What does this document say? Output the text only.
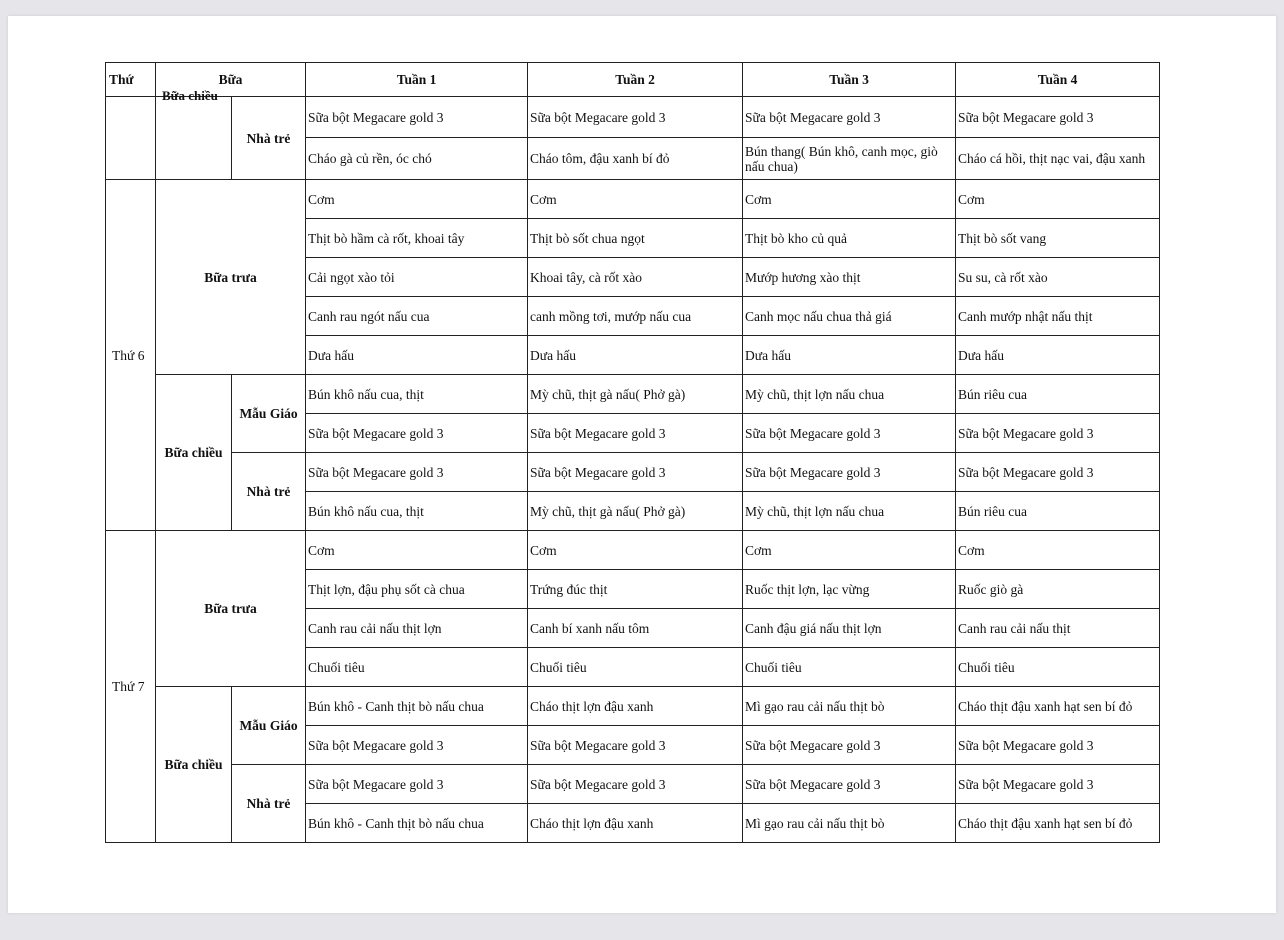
Thứ	Bữa		Tuần 1	Tuần 2	Tuần 3	Tuần 4

	Bữa chiều	Nhà trẻ	Sữa bột Megacare gold 3	Sữa bột Megacare gold 3	Sữa bột Megacare gold 3	Sữa bột Megacare gold 3
			Cháo gà củ rền, óc chó	Cháo tôm, đậu xanh bí đỏ	Bún thang( Bún khô, canh mọc, giò nấu chua)	Cháo cá hồi, thịt nạc vai, đậu xanh
Thứ 6	Bữa trưa		Cơm	Cơm	Cơm	Cơm
			Thịt bò hầm cà rốt, khoai tây	Thịt bò sốt chua ngọt	Thịt bò kho củ quả	Thịt bò sốt vang
			Cải ngọt xào tỏi	Khoai tây, cà rốt xào	Mướp hương xào thịt	Su su, cà rốt xào
			Canh rau ngót nấu cua	canh mồng tơi, mướp nấu cua	Canh mọc nấu chua thả giá	Canh mướp nhật nấu thịt
			Dưa hấu	Dưa hấu	Dưa hấu	Dưa hấu
	Bữa chiều	Mẫu Giáo	Bún khô nấu cua, thịt	Mỳ chũ, thịt gà nấu( Phở gà)	Mỳ chũ, thịt lợn nấu chua	Bún riêu cua
			Sữa bột Megacare gold 3	Sữa bột Megacare gold 3	Sữa bột Megacare gold 3	Sữa bột Megacare gold 3
		Nhà trẻ	Sữa bột Megacare gold 3	Sữa bột Megacare gold 3	Sữa bột Megacare gold 3	Sữa bột Megacare gold 3
			Bún khô nấu cua, thịt	Mỳ chũ, thịt gà nấu( Phở gà)	Mỳ chũ, thịt lợn nấu chua	Bún riêu cua
Thứ 7	Bữa trưa		Cơm	Cơm	Cơm	Cơm
			Thịt lợn, đậu phụ sốt cà chua	Trứng đúc thịt	Ruốc thịt lợn, lạc vừng	Ruốc giò gà
			Canh rau cải nấu thịt lợn	Canh bí xanh nấu tôm	Canh đậu giá nấu thịt lợn	Canh rau cải nấu thịt
			Chuối tiêu	Chuối tiêu	Chuối tiêu	Chuối tiêu
	Bữa chiều	Mẫu Giáo	Bún khô - Canh thịt bò nấu chua	Cháo thịt lợn đậu xanh	Mì gạo rau cải nấu thịt bò	Cháo thịt đậu xanh hạt sen bí đỏ
			Sữa bột Megacare gold 3	Sữa bột Megacare gold 3	Sữa bột Megacare gold 3	Sữa bột Megacare gold 3
		Nhà trẻ	Sữa bột Megacare gold 3	Sữa bột Megacare gold 3	Sữa bột Megacare gold 3	Sữa bột Megacare gold 3
			Bún khô - Canh thịt bò nấu chua	Cháo thịt lợn đậu xanh	Mì gạo rau cải nấu thịt bò	Cháo thịt đậu xanh hạt sen bí đỏ
